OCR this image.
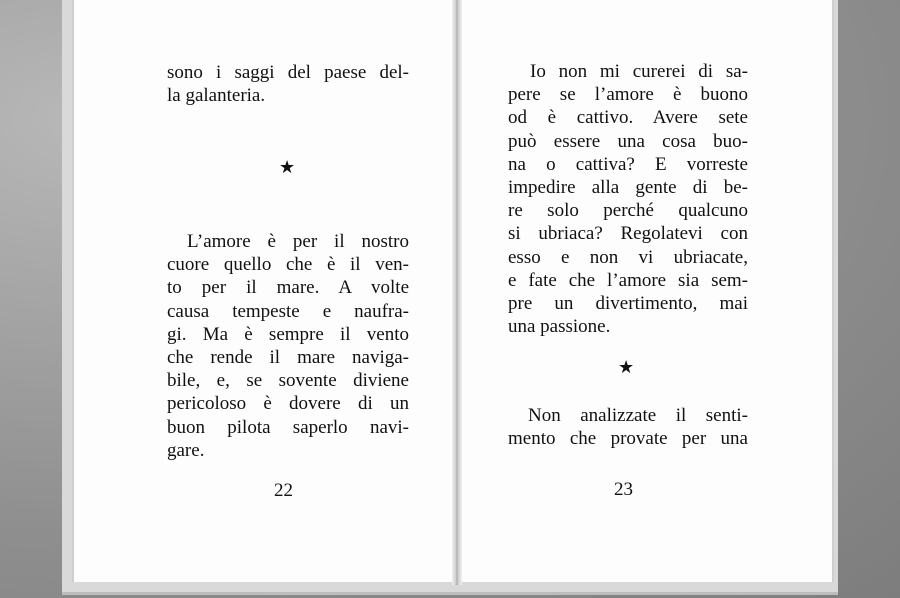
sono i saggi del paese del-
la galanteria.
★
L’amore è per il nostro
cuore quello che è il ven-
to per il mare. A volte
causa tempeste e naufra-
gi. Ma è sempre il vento
che rende il mare naviga-
bile, e, se sovente diviene
pericoloso è dovere di un
buon pilota saperlo navi-
gare.
22
Io non mi curerei di sa-
pere se l’amore è buono
od è cattivo. Avere sete
può essere una cosa buo-
na o cattiva? E vorreste
impedire alla gente di be-
re solo perché qualcuno
si ubriaca? Regolatevi con
esso e non vi ubriacate,
e fate che l’amore sia sem-
pre un divertimento, mai
una passione.
★
Non analizzate il senti-
mento che provate per una
23
